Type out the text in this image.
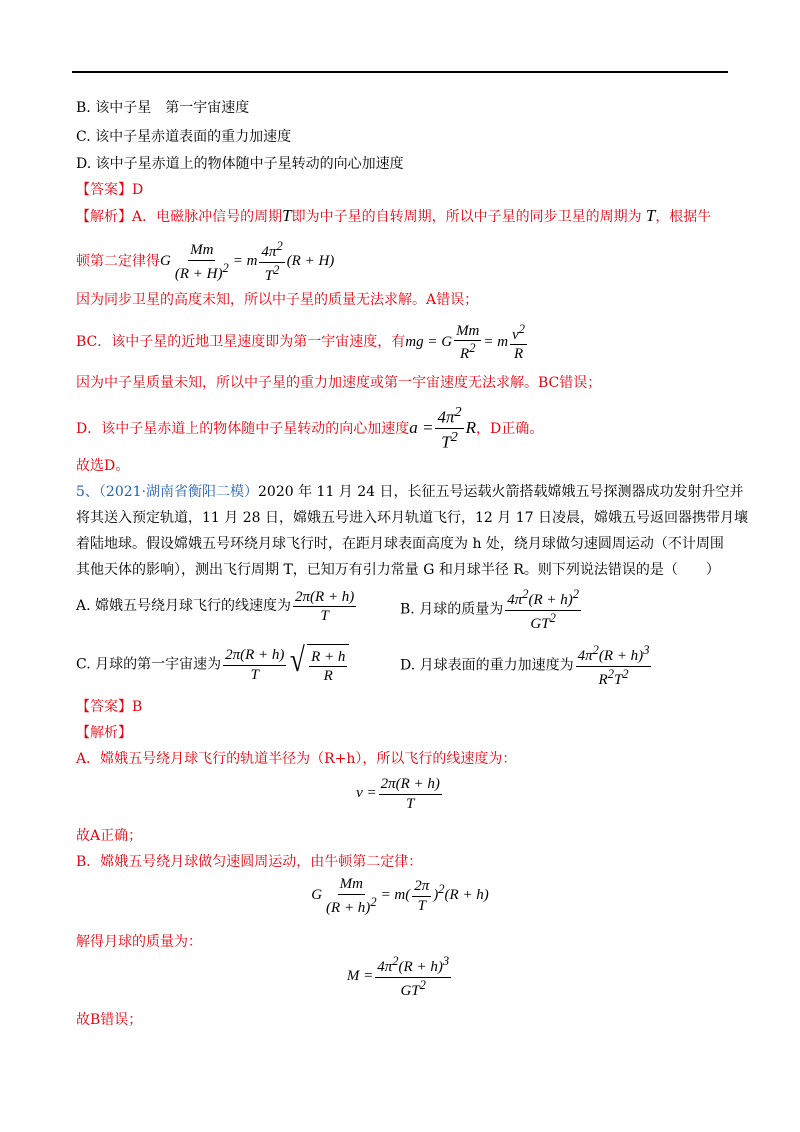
B. 该中子星　第一宇宙速度
C. 该中子星赤道表面的重力加速度
D. 该中子星赤道上的物体随中子星转动的向心加速度
【答案】D
【解析】A．电磁脉冲信号的周期T即为中子星的自转周期，所以中子星的同步卫星的周期为 T，根据牛
顿第二定律得G $\frac{Mm}{(R + H)^2} = m \frac{4\pi^2}{T^2} (R + H)$
因为同步卫星的高度未知，所以中子星的质量无法求解。A错误；
BC．该中子星的近地卫星速度即为第一宇宙速度，有mg = G $\frac{Mm}{R^2} = m \frac{v^2}{R}$
因为中子星质量未知，所以中子星的重力加速度或第一宇宙速度无法求解。BC错误；
D．该中子星赤道上的物体随中子星转动的向心加速度$a = \frac{4\pi^2}{T^2}$ R，D正确。
故选D。
5、（2021·湖南省衡阳二模）2020 年 11 月 24 日，长征五号运载火箭搭载嫦娥五号探测器成功发射升空并
将其送入预定轨道，11 月 28 日，嫦娥五号进入环月轨道飞行，12 月 17 日凌晨，嫦娥五号返回器携带月壤
着陆地球。假设嫦娥五号环绕月球飞行时，在距月球表面高度为 h 处，绕月球做匀速圆周运动（不计周围
其他天体的影响），测出飞行周期 T，已知万有引力常量 G 和月球半径 R。则下列说法错误的是（　　）
A. 嫦娥五号绕月球飞行的线速度为 $\frac{2\pi(R + h)}{T}$	B. 月球的质量为 $\frac{4\pi^2(R + h)^2}{GT^2}$
C. 月球的第一宇宙速为 $\frac{2\pi(R + h)}{T}$ √ $\frac{R + h}{R}$	D. 月球表面的重力加速度为 $\frac{4\pi^2(R + h)^3}{R^2T^2}$
【答案】B
【解析】
A．嫦娥五号绕月球飞行的轨道半径为（R+h），所以飞行的线速度为：
$v = \frac{2\pi(R + h)}{T}$
故A正确；
B．嫦娥五号绕月球做匀速圆周运动，由牛顿第二定律：
G $\frac{Mm}{(R + h)^2} = m( \frac{2\pi}{T} )^2(R + h)$
解得月球的质量为：
$M = \frac{4\pi^2(R + h)^3}{GT^2}$
故B错误；
